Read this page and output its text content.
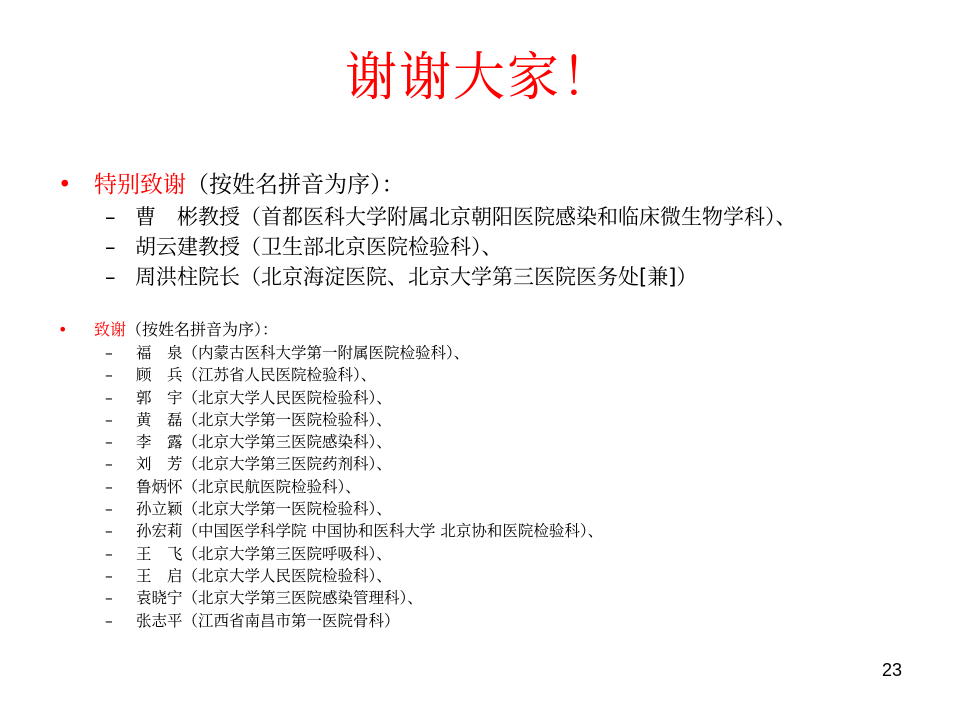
谢谢大家！
• 特别致谢（按姓名拼音为序）：
– 曹　彬教授（首都医科大学附属北京朝阳医院感染和临床微生物学科）、
– 胡云建教授（卫生部北京医院检验科）、
– 周洪柱院长（北京海淀医院、北京大学第三医院医务处[兼]）
•	致谢（按姓名拼音为序）：
–	福　泉（内蒙古医科大学第一附属医院检验科）、
–	顾　兵（江苏省人民医院检验科）、
–	郭　宇（北京大学人民医院检验科）、
–	黄　磊（北京大学第一医院检验科）、
–	李　露（北京大学第三医院感染科）、
–	刘　芳（北京大学第三医院药剂科）、
–	鲁炳怀（北京民航医院检验科）、
–	孙立颖（北京大学第一医院检验科）、
–	孙宏莉（中国医学科学院 中国协和医科大学 北京协和医院检验科）、
–	王　飞（北京大学第三医院呼吸科）、
–	王　启（北京大学人民医院检验科）、
–	袁晓宁（北京大学第三医院感染管理科）、
–	张志平（江西省南昌市第一医院骨科）
23
